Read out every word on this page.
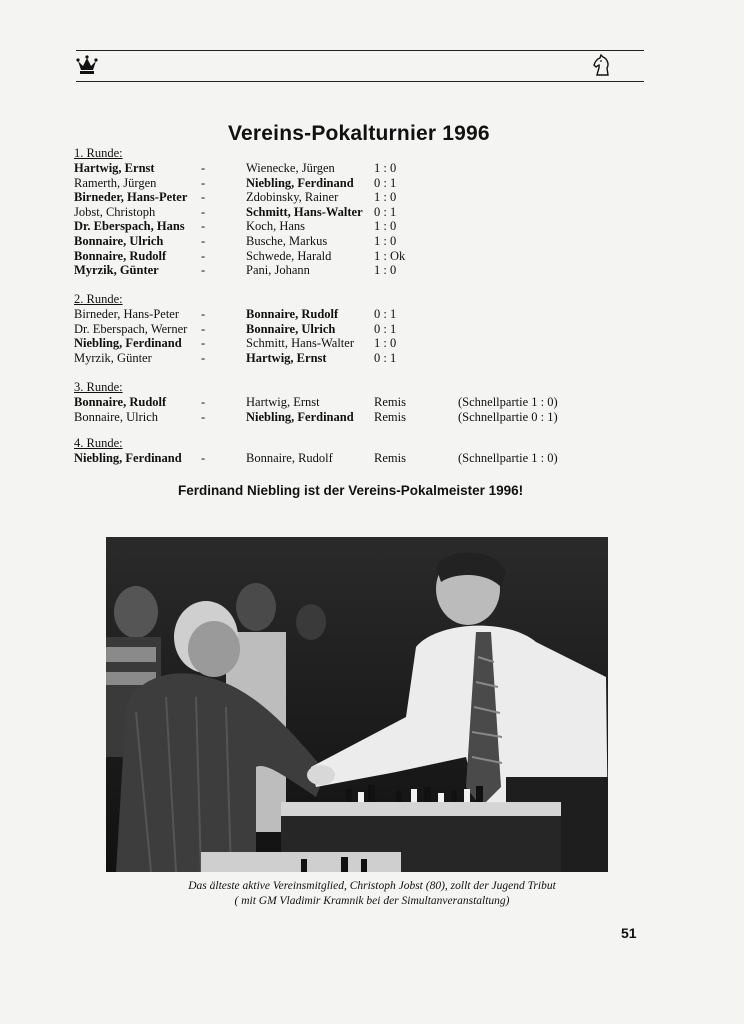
Vereins-Pokalturnier 1996
1. Runde:
Hartwig, Ernst	-	Wienecke, Jürgen	1 : 0
Ramerth, Jürgen	-	Niebling, Ferdinand 0 : 1
Birneder, Hans-Peter -	Zdobinsky, Rainer	1 : 0
Jobst, Christoph	-	Schmitt, Hans-Walter 0 : 1
Dr. Eberspach, Hans -	Koch, Hans	1 : 0
Bonnaire, Ulrich	-	Busche, Markus	1 : 0
Bonnaire, Rudolf	-	Schwede, Harald	1 : Ok
Myrzik, Günter	-	Pani, Johann	1 : 0
2. Runde:
Birneder, Hans-Peter -	Bonnaire, Rudolf	0 : 1
Dr. Eberspach, Werner -	Bonnaire, Ulrich	0 : 1
Niebling, Ferdinand -	Schmitt, Hans-Walter 1 : 0
Myrzik, Günter	-	Hartwig, Ernst	0 : 1
3. Runde:
Bonnaire, Rudolf	-	Hartwig, Ernst	Remis	(Schnellpartie 1 : 0)
Bonnaire, Ulrich	-	Niebling, Ferdinand Remis	(Schnellpartie 0 : 1)
4. Runde:
Niebling, Ferdinand -	Bonnaire, Rudolf	Remis	(Schnellpartie 1 : 0)
Ferdinand Niebling ist der Vereins-Pokalmeister 1996!
Das älteste aktive Vereinsmitglied, Christoph Jobst (80), zollt der Jugend Tribut
( mit GM Vladimir Kramnik bei der Simultanveranstaltung)
51
